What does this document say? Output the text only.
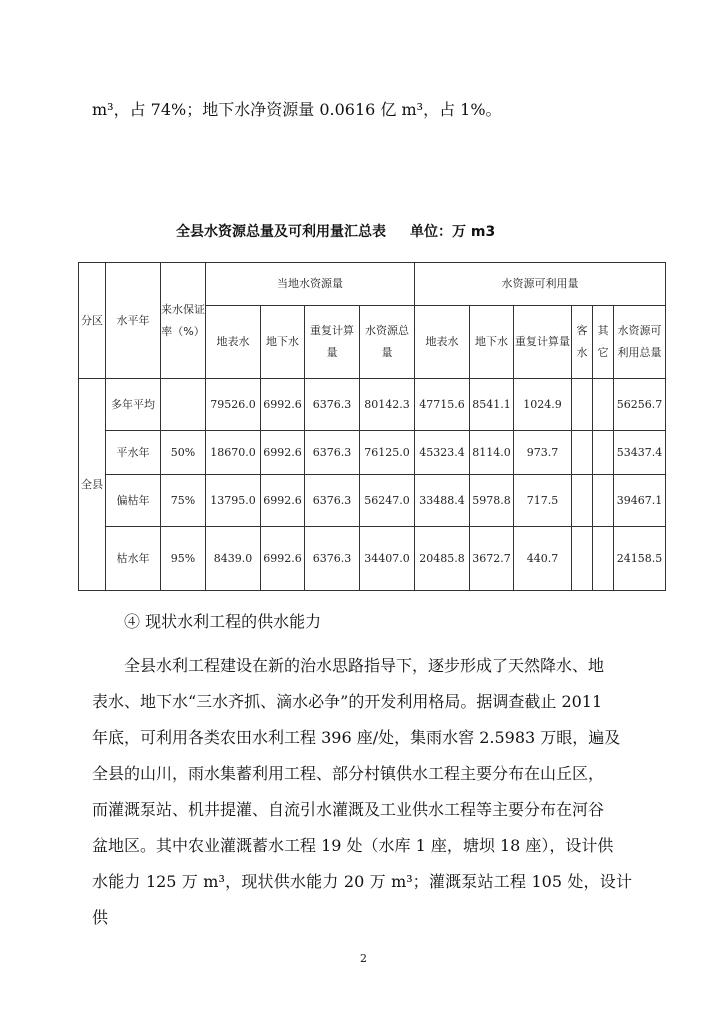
m³，占 74%；地下水净资源量 0.0616 亿 m³，占 1%。
全县水资源总量及可利用量汇总表 单位：万 m3
分区	水平年	来水保证率（%）	当地水资源量				水资源可利用量					
			地表水	地下水	重复计算量	水资源总量	地表水	地下水	重复计算量	客水	其它	水资源可利用总量
全县	多年平均		79526.0	6992.6	6376.3	80142.3	47715.6	8541.1	1024.9			56256.7
	平水年	50%	18670.0	6992.6	6376.3	76125.0	45323.4	8114.0	973.7			53437.4
	偏枯年	75%	13795.0	6992.6	6376.3	56247.0	33488.4	5978.8	717.5			39467.1
	枯水年	95%	8439.0	6992.6	6376.3	34407.0	20485.8	3672.7	440.7			24158.5
④ 现状水利工程的供水能力
全县水利工程建设在新的治水思路指导下，逐步形成了天然降水、地
表水、地下水“三水齐抓、滴水必争”的开发利用格局。据调查截止 2011
年底，可利用各类农田水利工程 396 座/处，集雨水窖 2.5983 万眼，遍及
全县的山川，雨水集蓄利用工程、部分村镇供水工程主要分布在山丘区，
而灌溉泵站、机井提灌、自流引水灌溉及工业供水工程等主要分布在河谷
盆地区。其中农业灌溉蓄水工程 19 处（水库 1 座，塘坝 18 座），设计供
水能力 125 万 m³，现状供水能力 20 万 m³；灌溉泵站工程 105 处，设计供
2
